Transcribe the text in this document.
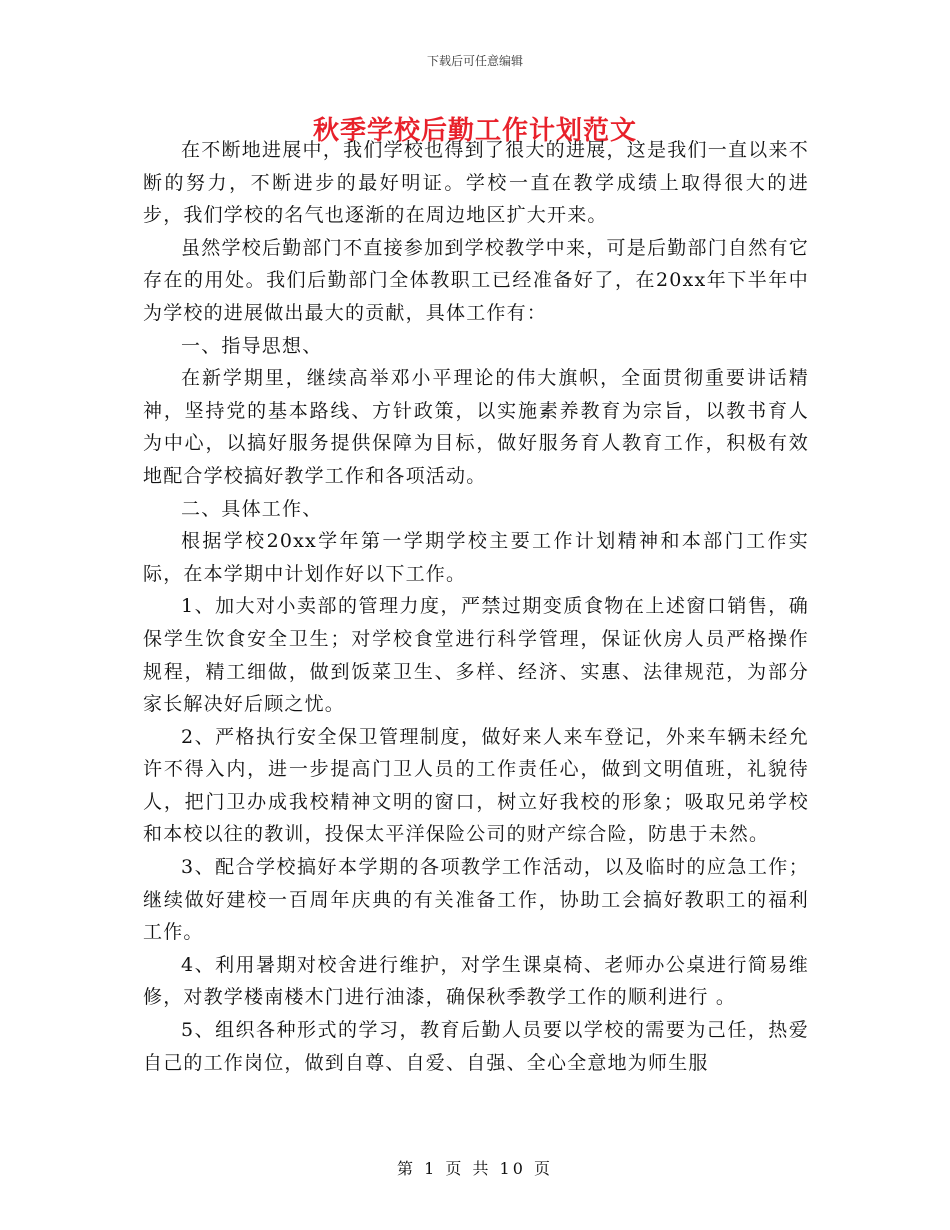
下载后可任意编辑
秋季学校后勤工作计划范文

在不断地进展中，我们学校也得到了很大的进展，这是我们一直以来不断的努力，不断进步的最好明证。学校一直在教学成绩上取得很大的进步，我们学校的名气也逐渐的在周边地区扩大开来。

虽然学校后勤部门不直接参加到学校教学中来，可是后勤部门自然有它存在的用处。我们后勤部门全体教职工已经准备好了，在20xx年下半年中为学校的进展做出最大的贡献，具体工作有：

一、指导思想、

在新学期里，继续高举邓小平理论的伟大旗帜，全面贯彻重要讲话精神，坚持党的基本路线、方针政策，以实施素养教育为宗旨，以教书育人为中心，以搞好服务提供保障为目标，做好服务育人教育工作，积极有效地配合学校搞好教学工作和各项活动。

二、具体工作、

根据学校20xx学年第一学期学校主要工作计划精神和本部门工作实际，在本学期中计划作好以下工作。

1、加大对小卖部的管理力度，严禁过期变质食物在上述窗口销售，确保学生饮食安全卫生；对学校食堂进行科学管理，保证伙房人员严格操作规程，精工细做，做到饭菜卫生、多样、经济、实惠、法律规范，为部分家长解决好后顾之忧。

2、严格执行安全保卫管理制度，做好来人来车登记，外来车辆未经允许不得入内，进一步提高门卫人员的工作责任心，做到文明值班，礼貌待人，把门卫办成我校精神文明的窗口，树立好我校的形象；吸取兄弟学校和本校以往的教训，投保太平洋保险公司的财产综合险，防患于未然。

3、配合学校搞好本学期的各项教学工作活动，以及临时的应急工作；继续做好建校一百周年庆典的有关准备工作，协助工会搞好教职工的福利工作。

4、利用暑期对校舍进行维护，对学生课桌椅、老师办公桌进行简易维修，对教学楼南楼木门进行油漆，确保秋季教学工作的顺利进行 。

5、组织各种形式的学习，教育后勤人员要以学校的需要为己任，热爱自己的工作岗位，做到自尊、自爱、自强、全心全意地为师生服

第 1 页 共 10 页
